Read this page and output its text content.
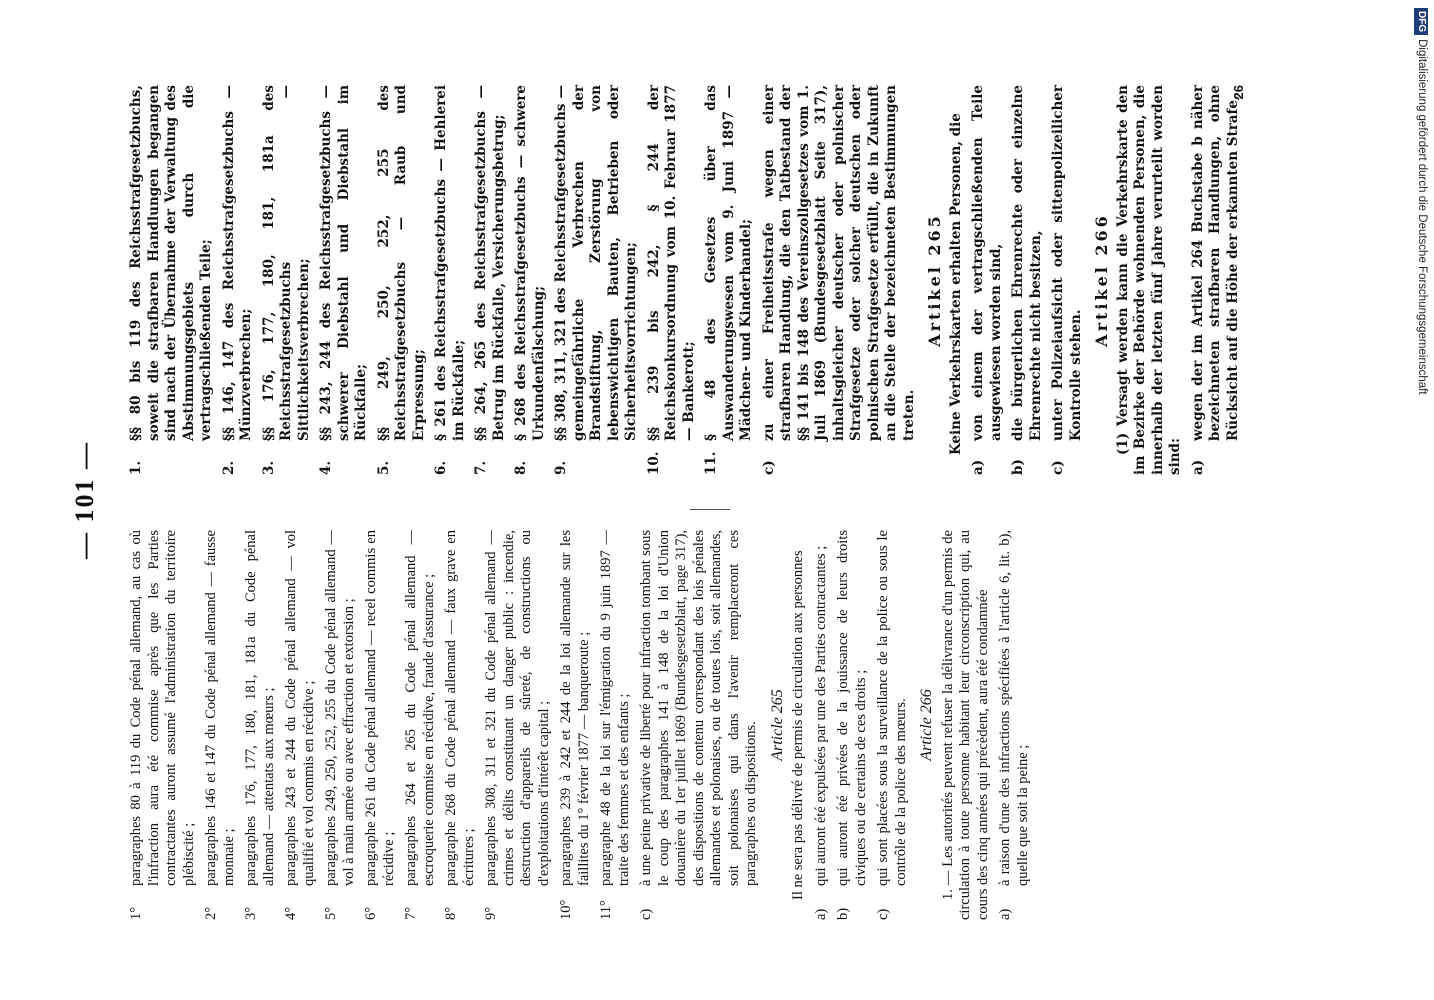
— 101 —
1°
paragraphes 80 à 119 du Code pénal allemand, au cas où l'infraction aura été commise après que les Parties contractantes auront assumé l'administration du territoire plébiscité ;
2°
paragraphes 146 et 147 du Code pénal allemand — fausse monnaie ;
3°
paragraphes 176, 177, 180, 181, 181a du Code pénal allemand — attentats aux mœurs ;
4°
paragraphes 243 et 244 du Code pénal allemand — vol qualifié et vol commis en récidive ;
5°
paragraphes 249, 250, 252, 255 du Code pénal allemand — vol à main armée ou avec effraction et extorsion ;
6°
paragraphe 261 du Code pénal allemand — recel commis en récidive ;
7°
paragraphes 264 et 265 du Code pénal allemand — escroquerie commise en récidive, fraude d'assurance ;
8°
paragraphe 268 du Code pénal allemand — faux grave en écritures ;
9°
paragraphes 308, 311 et 321 du Code pénal allemand — crimes et délits constituant un danger public : incendie, destruction d'appareils de sûreté, de constructions ou d'exploitations d'intérêt capital ;
10°
paragraphes 239 à 242 et 244 de la loi allemande sur les faillites du 1° février 1877 — banqueroute ;
11°
paragraphe 48 de la loi sur l'émigration du 9 juin 1897 — traite des femmes et des enfants ;
c)
à une peine privative de liberté pour infraction tombant sous le coup des paragraphes 141 à 148 de la loi d'Union douanière du 1er juillet 1869 (Bundesgesetzblatt, page 317), des dispositions de contenu correspondant des lois pénales allemandes et polonaises, ou de toutes lois, soit allemandes, soit polonaises qui dans l'avenir remplaceront ces paragraphes ou dispositions. Article 265 Il ne sera pas délivré de permis de circulation aux personnes

a)
qui auront été expulsées par une des Parties contractantes ;
b)
qui auront été privées de la jouissance de leurs droits civiques ou de certains de ces droits ;
c)
qui sont placées sous la surveillance de la police ou sous le contrôle de la police des mœurs. Article 266 1. — Les autorités peuvent refuser la délivrance d'un permis de circulation à toute personne habitant leur circonscription qui, au cours des cinq années qui précèdent, aura été condamnée a)
à raison d'une des infractions spécifiées à l'article 6, lit. b), quelle que soit la peine ;
1.
§§ 80 bis 119 des Reichsstrafgesetzbuchs, soweit die strafbaren Handlungen begangen sind nach der Übernahme der Verwaltung des Abstimmungsgebiets durch die vertragschließenden Teile;
2.
§§ 146, 147 des Reichsstrafgesetzbuchs — Münzverbrechen;
3.
§§ 176, 177, 180, 181, 181a des Reichsstrafgesetzbuchs — Sittlichkeitsverbrechen;
4.
§§ 243, 244 des Reichsstrafgesetzbuchs — schwerer Diebstahl und Diebstahl im Rückfalle;
5.
§§ 249, 250, 252, 255 des Reichsstrafgesetzbuchs — Raub und Erpressung;
6.
§ 261 des Reichsstrafgesetzbuchs — Hehlerei im Rückfalle;
7.
§§ 264, 265 des Reichsstrafgesetzbuchs — Betrug im Rückfalle, Versicherungsbetrug;
8.
§ 268 des Reichsstrafgesetzbuchs — schwere Urkundenfälschung;
9.
§§ 308, 311, 321 des Reichsstrafgesetzbuchs — gemeingefährliche Verbrechen der Brandstiftung, Zerstörung von lebenswichtigen Bauten, Betrieben oder Sicherheitsvorrichtungen;
10.
§§ 239 bis 242, § 244 der Reichskonkursordnung vom 10. Februar 1877 — Bankerott;
11.
§ 48 des Gesetzes über das Auswanderungswesen vom 9. Juni 1897 — Mädchen- und Kinderhandel;
c)
zu einer Freiheitsstrafe wegen einer strafbaren Handlung, die den Tatbestand der §§ 141 bis 148 des Vereinszollgesetzes vom 1. Juli 1869 (Bundesgesetzblatt Seite 317), inhaltsgleicher deutscher oder polnischer Strafgesetze oder solcher deutschen oder polnischen Strafgesetze erfüllt, die in Zukunft an die Stelle der bezeichneten Bestimmungen treten.
Artikel 265 Keine Verkehrskarten erhalten Personen, die

a)
von einem der vertragschließenden Teile ausgewiesen worden sind,
b)
die bürgerlichen Ehrenrechte oder einzelne Ehrenrechte nicht besitzen,
c)
unter Polizeiaufsicht oder sittenpolizeilicher Kontrolle stehen.
Artikel 266 (1) Versagt werden kann die Verkehrskarte den im Bezirke der Behörde wohnenden Personen, die innerhalb der letzten fünf Jahre verurteilt worden sind: a)
wegen der im Artikel 264 Buchstabe b näher bezeichneten strafbaren Handlungen, ohne Rücksicht auf die Höhe der erkannten Strafe,
26
DFGDigitalisierung gefördert durch die Deutsche Forschungsgemeinschaft
